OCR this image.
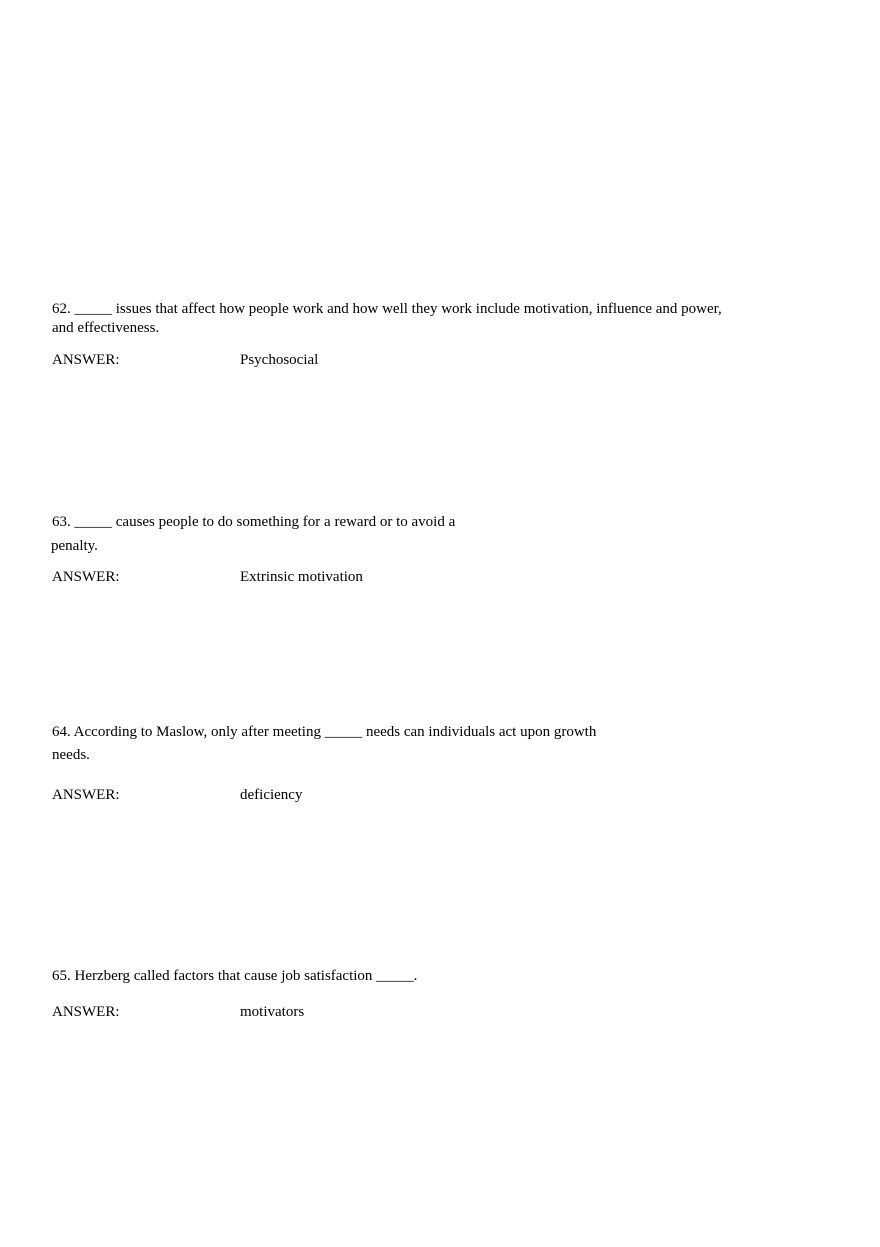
62. _____ issues that affect how people work and how well they work include motivation, influence and power,
and effectiveness.
ANSWER:	Psychosocial
63. _____ causes people to do something for a reward or to avoid a
penalty.
ANSWER:	Extrinsic motivation
64. According to Maslow, only after meeting _____ needs can individuals act upon growth
needs.
ANSWER:	deficiency
65. Herzberg called factors that cause job satisfaction _____.
ANSWER:	motivators
